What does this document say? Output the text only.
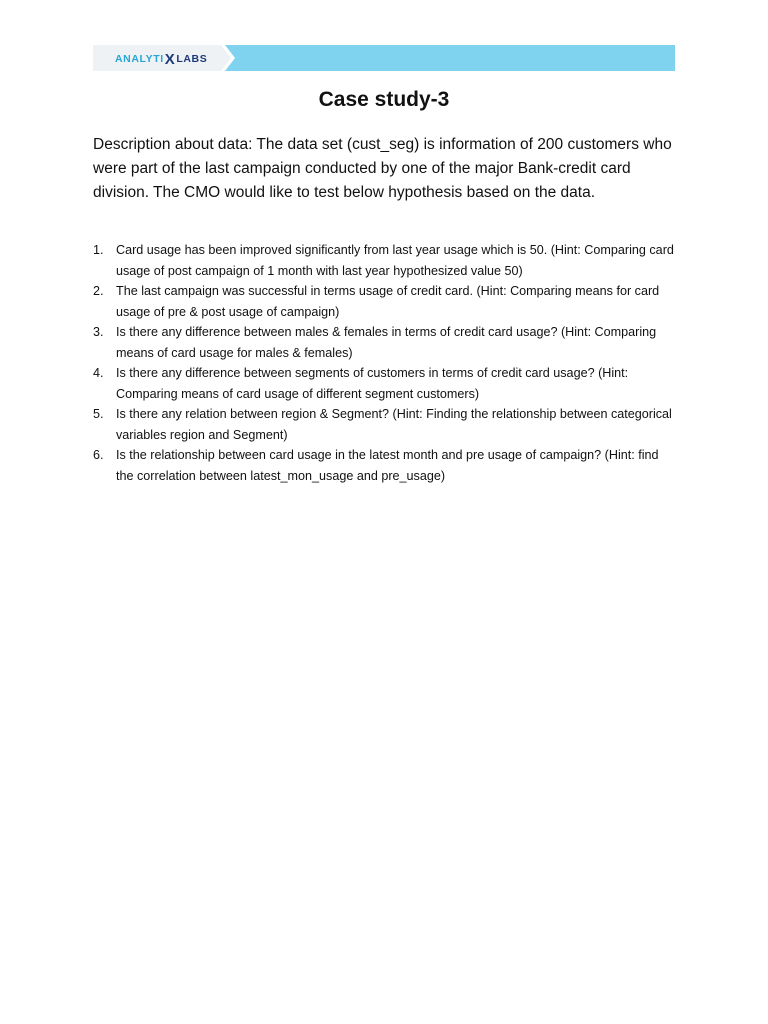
ANALYTI X LABS
Case study-3
Description about data: The data set (cust_seg) is information of 200 customers who were part of the last campaign conducted by one of the major Bank-credit card division. The CMO would like to test below hypothesis based on the data.
1. Card usage has been improved significantly from last year usage which is 50. (Hint: Comparing card usage of post campaign of 1 month with last year hypothesized value 50)
2. The last campaign was successful in terms usage of credit card. (Hint: Comparing means for card usage of pre & post usage of campaign)
3. Is there any difference between males & females in terms of credit card usage? (Hint: Comparing means of card usage for males & females)
4. Is there any difference between segments of customers in terms of credit card usage? (Hint: Comparing means of card usage of different segment customers)
5. Is there any relation between region & Segment? (Hint: Finding the relationship between categorical variables region and Segment)
6. Is the relationship between card usage in the latest month and pre usage of campaign? (Hint: find the correlation between latest_mon_usage and pre_usage)
